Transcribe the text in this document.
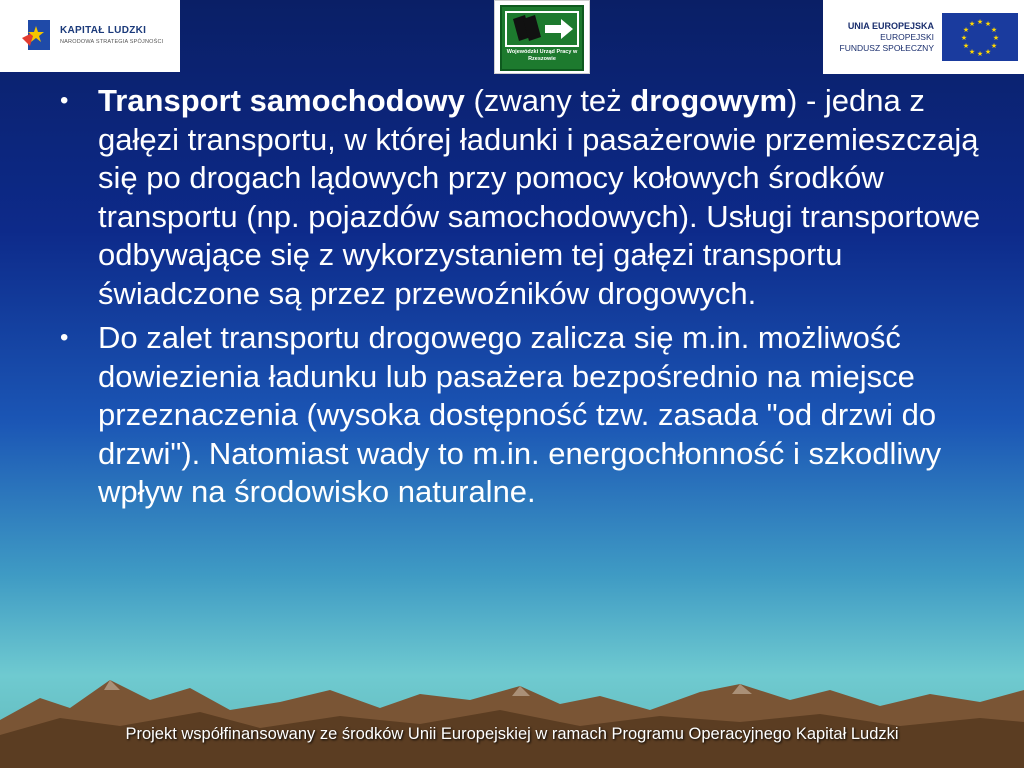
KAPITAŁ LUDZKI
NARODOWA STRATEGIA SPÓJNOŚCI
Wojewódzki Urząd Pracy w Rzeszowie
UNIA EUROPEJSKA
EUROPEJSKI
FUNDUSZ SPOŁECZNY
★ ★
★
★
★
★
★
★
★
★
★
★
• Transport samochodowy (zwany też drogowym) - jedna z gałęzi transportu, w której ładunki i pasażerowie przemieszczają się po drogach lądowych przy pomocy kołowych środków transportu (np. pojazdów samochodowych). Usługi transportowe odbywające się z wykorzystaniem tej gałęzi transportu świadczone są przez przewoźników drogowych.
• Do zalet transportu drogowego zalicza się m.in. możliwość dowiezienia ładunku lub pasażera bezpośrednio na miejsce przeznaczenia (wysoka dostępność tzw. zasada "od drzwi do drzwi"). Natomiast wady to m.in. energochłonność i szkodliwy wpływ na środowisko naturalne.
Projekt współfinansowany ze środków Unii Europejskiej w ramach Programu Operacyjnego Kapitał Ludzki
